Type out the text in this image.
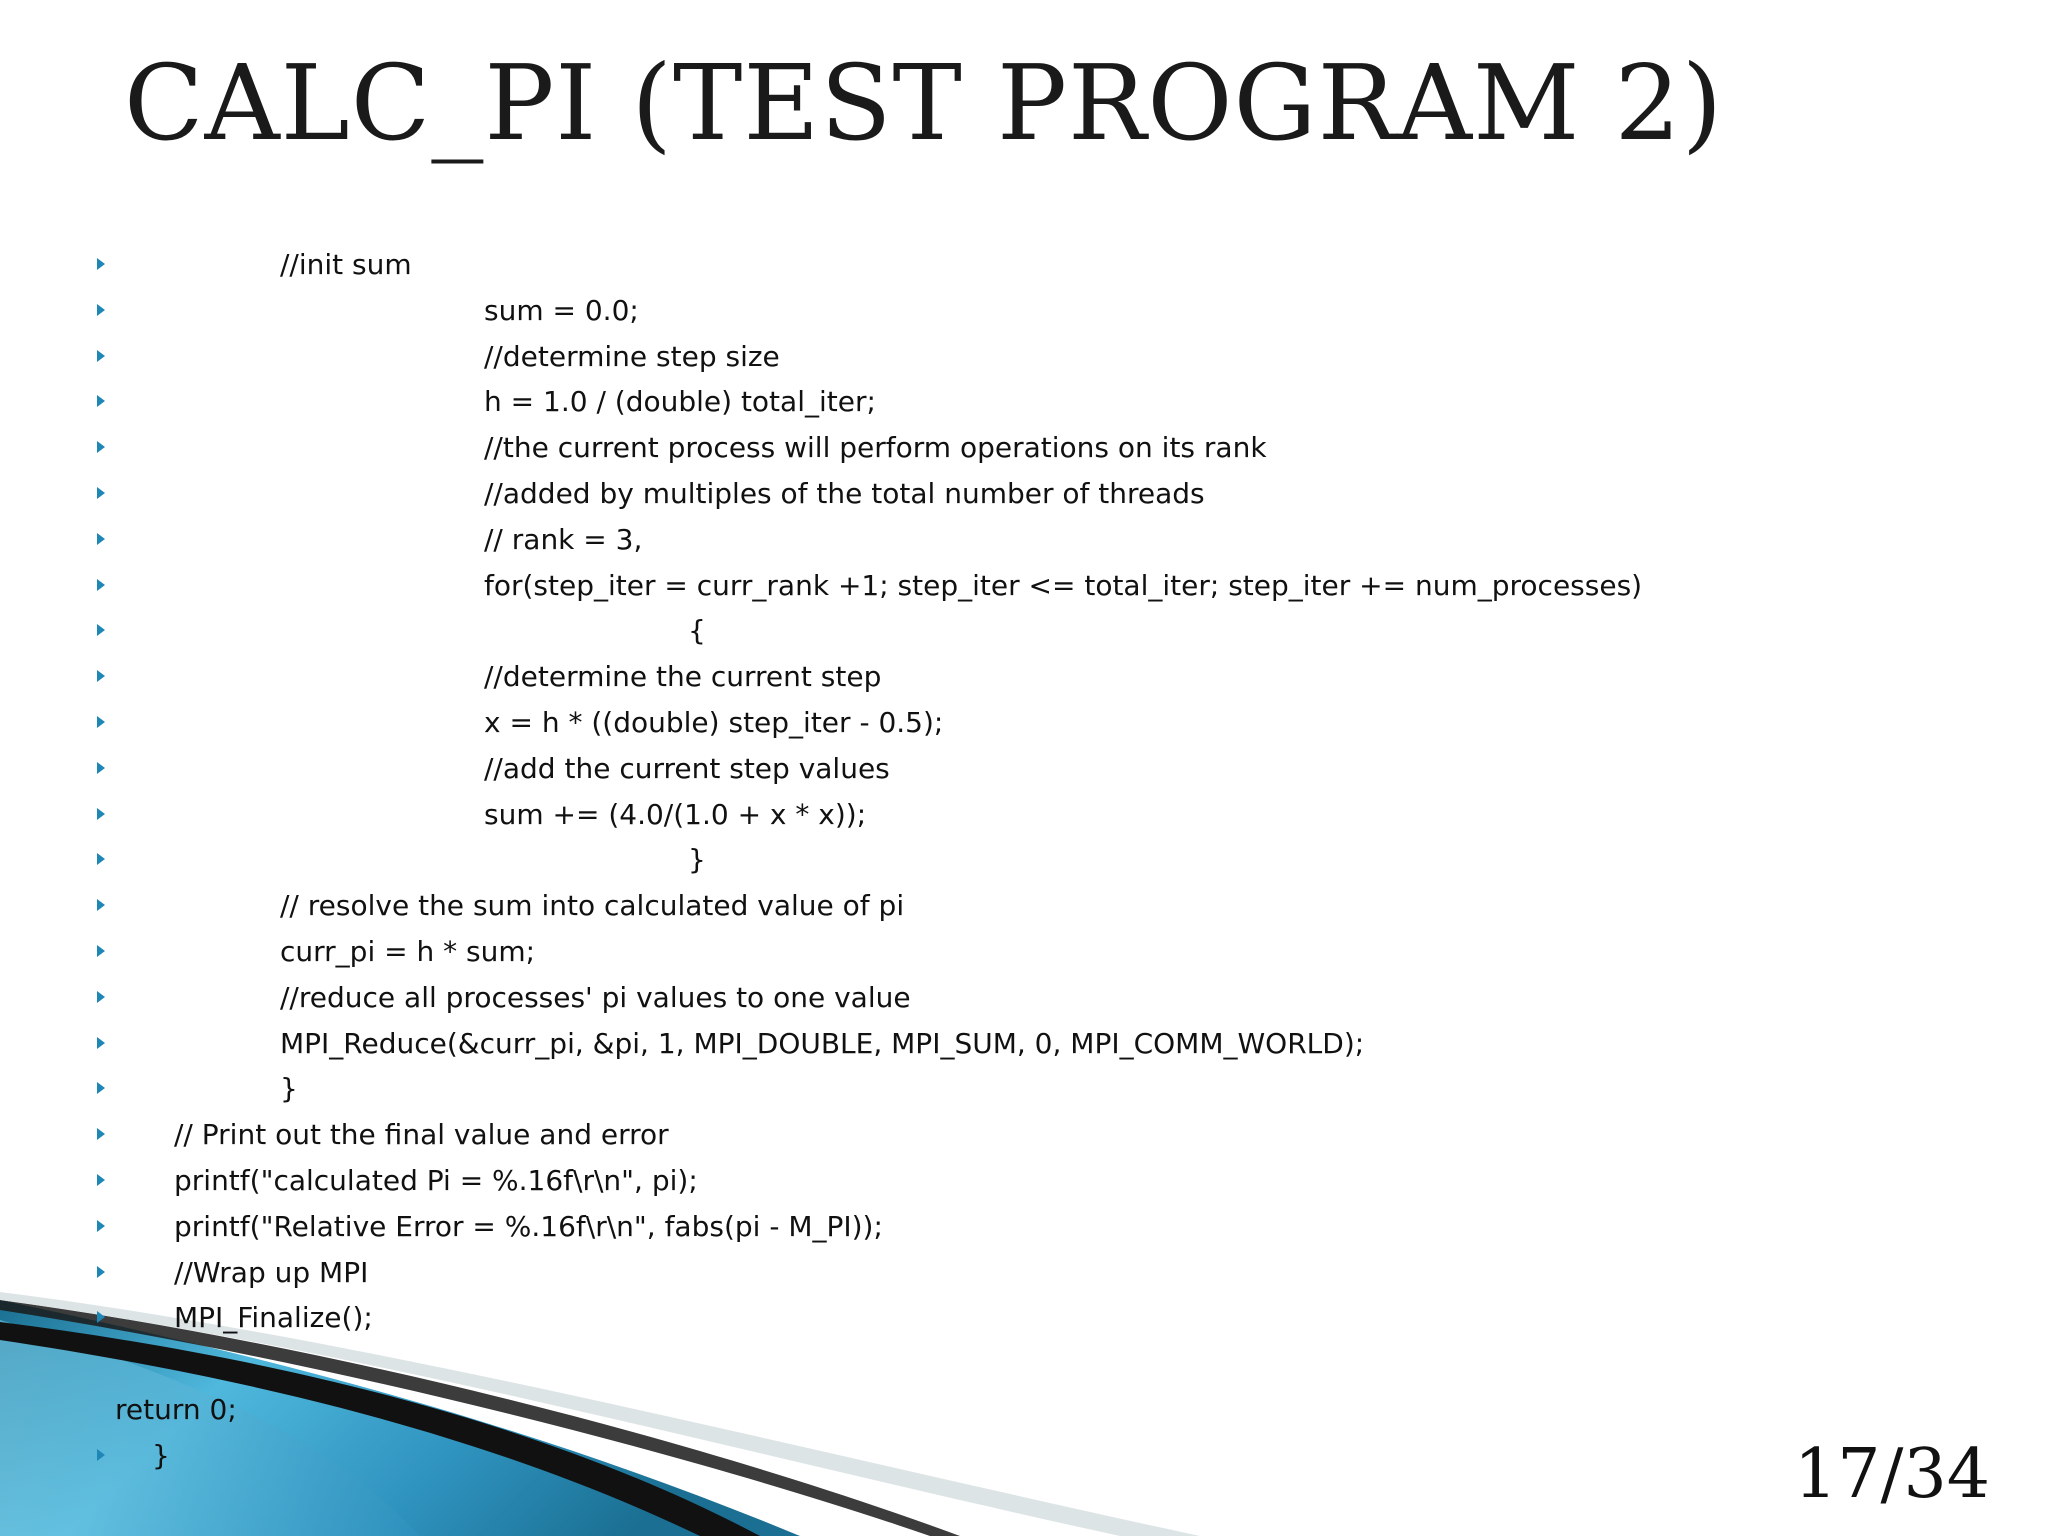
CALC_PI (TEST PROGRAM 2)
//init sum
sum = 0.0;
//determine step size
h = 1.0 / (double) total_iter;
//the current process will perform operations on its rank
//added by multiples of the total number of threads
// rank = 3,
for(step_iter = curr_rank +1; step_iter <= total_iter; step_iter += num_processes)
{
//determine the current step
x = h * ((double) step_iter - 0.5);
//add the current step values
sum += (4.0/(1.0 + x * x));
}
// resolve the sum into calculated value of pi
curr_pi = h * sum;
//reduce all processes' pi values to one value
MPI_Reduce(&curr_pi, &pi, 1, MPI_DOUBLE, MPI_SUM, 0, MPI_COMM_WORLD);
}
// Print out the final value and error
printf("calculated Pi = %.16f\r\n", pi);
printf("Relative Error = %.16f\r\n", fabs(pi - M_PI));
//Wrap up MPI
MPI_Finalize();
return 0;
}	17/34
